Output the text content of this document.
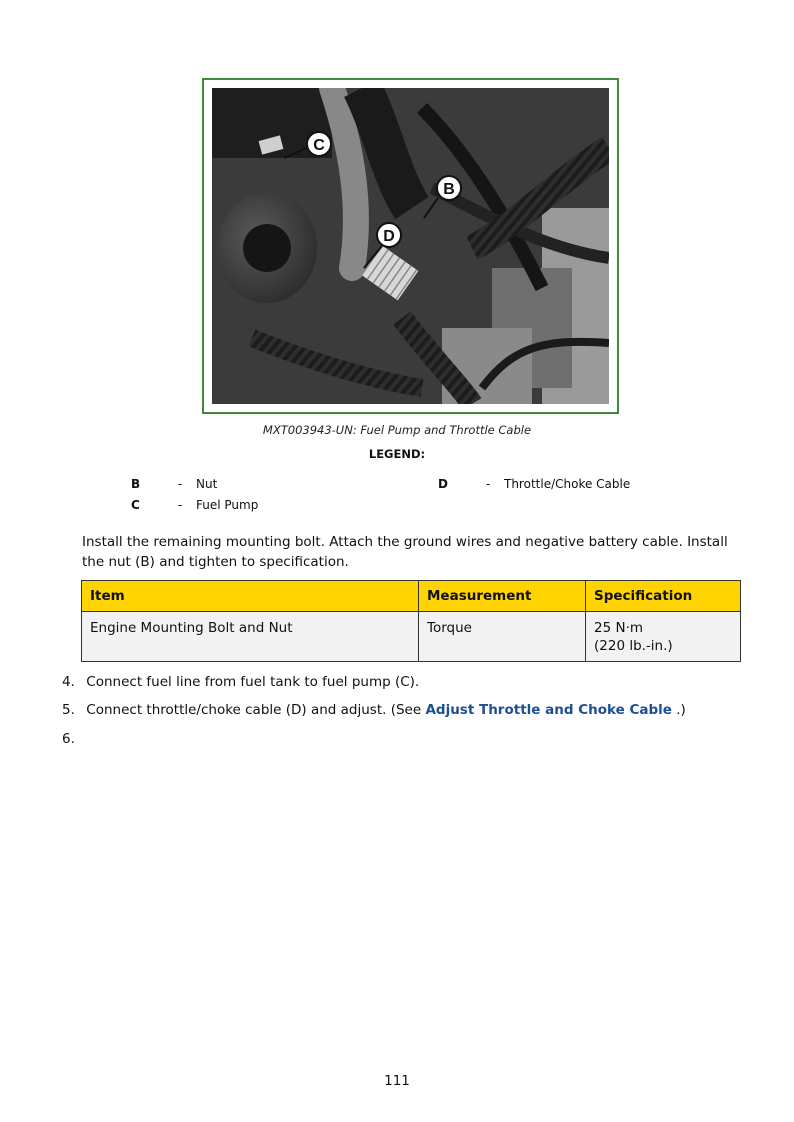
C
B
D
MXT003943-UN: Fuel Pump and Throttle Cable
LEGEND:
B	- Nut
C	- Fuel Pump
D	- Throttle/Choke Cable
Install the remaining mounting bolt. Attach the ground wires and negative battery cable. Install the nut (B) and tighten to specification.
Item	Measurement	Specification
Engine Mounting Bolt and Nut	Torque	25 N·m
(220 lb.-in.)
4. Connect fuel line from fuel tank to fuel pump (C).
5. Connect throttle/choke cable (D) and adjust. (See Adjust Throttle and Choke Cable .)
6.
111
